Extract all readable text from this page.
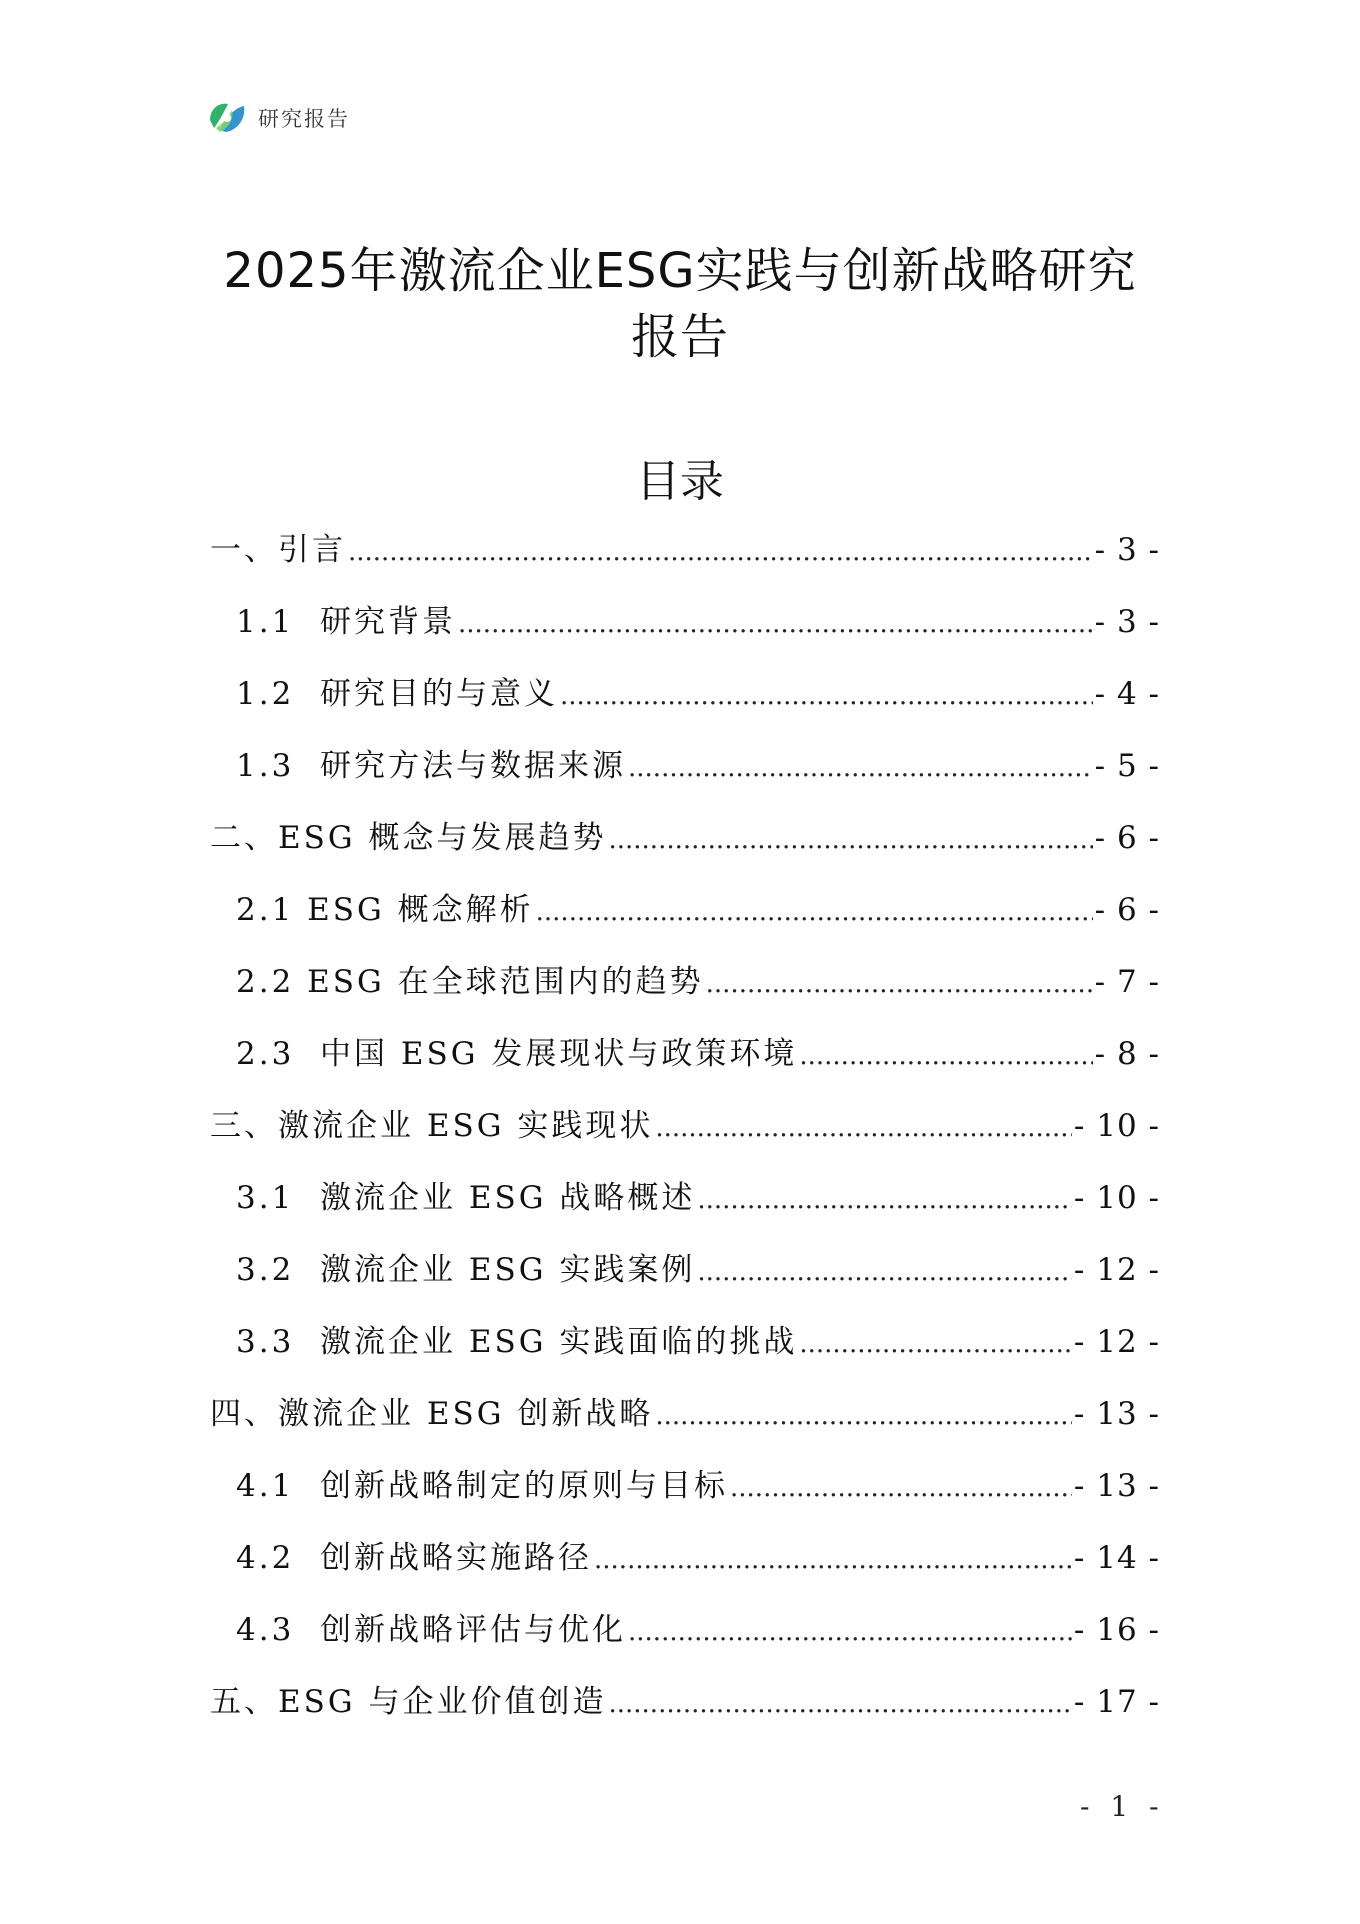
研究报告
2025年激流企业ESG实践与创新战略研究报告
目录
一、引言 .....	- 3 -
1.1 研究背景 .....	- 3 -
1.2 研究目的与意义 .....	- 4 -
1.3 研究方法与数据来源 .....	- 5 -
二、ESG 概念与发展趋势 .....	- 6 -
2.1 ESG 概念解析 .....	- 6 -
2.2 ESG 在全球范围内的趋势 .....	- 7 -
2.3 中国 ESG 发展现状与政策环境 .....	- 8 -
三、激流企业 ESG 实践现状 .....	- 10 -
3.1 激流企业 ESG 战略概述 .....	- 10 -
3.2 激流企业 ESG 实践案例 .....	- 12 -
3.3 激流企业 ESG 实践面临的挑战 .....	- 12 -
四、激流企业 ESG 创新战略 .....	- 13 -
4.1 创新战略制定的原则与目标 .....	- 13 -
4.2 创新战略实施路径 .....	- 14 -
4.3 创新战略评估与优化 .....	- 16 -
五、ESG 与企业价值创造 .....	- 17 -
- 1 -
